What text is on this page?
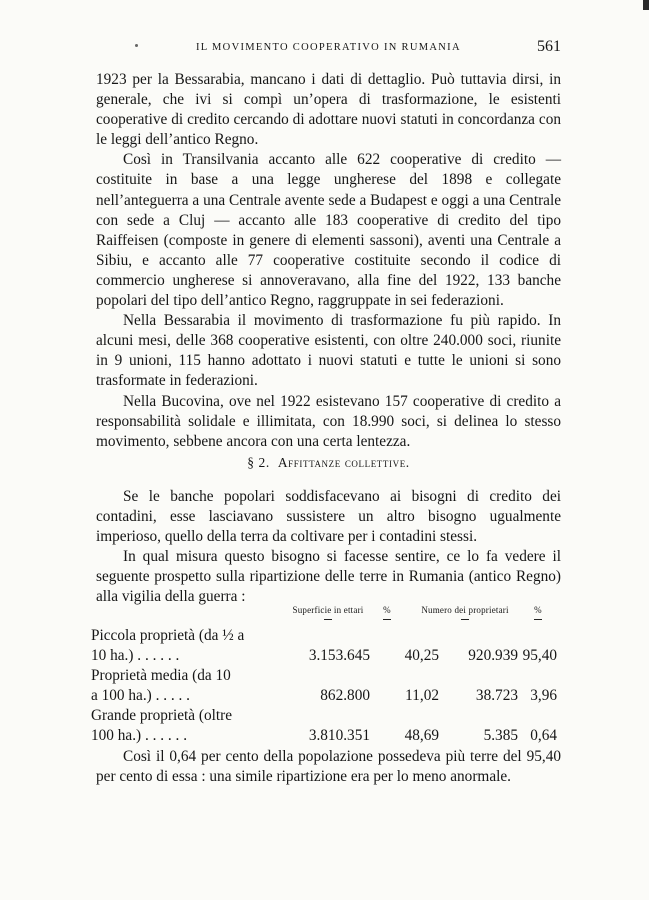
IL MOVIMENTO COOPERATIVO IN RUMANIA	561

1923 per la Bessarabia, mancano i dati di dettaglio. Può tuttavia dirsi, in generale, che ivi si compì un’opera di trasformazione, le esistenti cooperative di credito cercando di adottare nuovi statuti in concordanza con le leggi dell’antico Regno.

Così in Transilvania accanto alle 622 cooperative di credito — costituite in base a una legge ungherese del 1898 e collegate nell’anteguerra a una Centrale avente sede a Budapest e oggi a una Centrale con sede a Cluj — accanto alle 183 cooperative di credito del tipo Raiffeisen (composte in genere di elementi sassoni), aventi una Centrale a Sibiu, e accanto alle 77 cooperative costituite secondo il codice di commercio ungherese si annoveravano, alla fine del 1922, 133 banche popolari del tipo dell’antico Regno, raggruppate in sei federazioni.

Nella Bessarabia il movimento di trasformazione fu più rapido. In alcuni mesi, delle 368 cooperative esistenti, con oltre 240.000 soci, riunite in 9 unioni, 115 hanno adottato i nuovi statuti e tutte le unioni si sono trasformate in federazioni.

Nella Bucovina, ove nel 1922 esistevano 157 cooperative di credito a responsabilità solidale e illimitata, con 18.990 soci, si delinea lo stesso movimento, sebbene ancora con una certa lentezza.

§ 2. Affittanze collettive.

Se le banche popolari soddisfacevano ai bisogni di credito dei contadini, esse lasciavano sussistere un altro bisogno ugualmente imperioso, quello della terra da coltivare per i contadini stessi.

In qual misura questo bisogno si facesse sentire, ce lo fa vedere il seguente prospetto sulla ripartizione delle terre in Rumania (antico Regno) alla vigilia della guerra :

Superficie in ettari	%	Numero dei proprietari	%
Piccola proprietà (da ½ a
10 ha.) . . . . . .	3.153.645	40,25	920.939 95,40
Proprietà media (da 10
a 100 ha.) . . . . .	862.800	11,02	38.723 3,96
Grande proprietà (oltre
100 ha.) . . . . . .	3.810.351	48,69	5.385 0,64

Così il 0,64 per cento della popolazione possedeva più terre del 95,40 per cento di essa : una simile ripartizione era per lo meno anormale.
